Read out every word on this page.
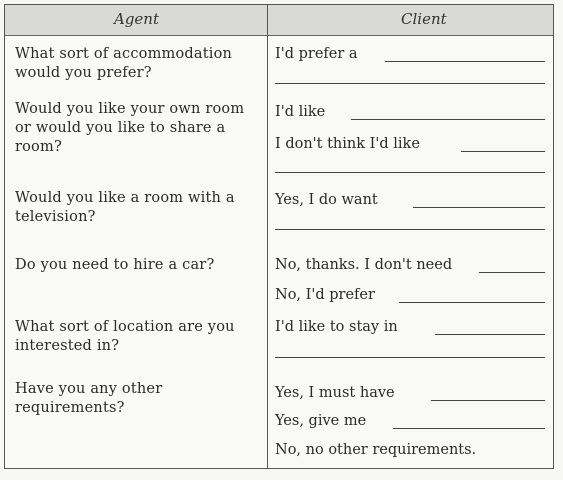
Agent	Client
What sort of accommodation would you prefer?
I'd prefer a
Would you like your own room or would you like to share a room?
I'd like
I don't think I'd like
Would you like a room with a television?
Yes, I do want
Do you need to hire a car?	No, thanks. I don't need
No, I'd prefer
What sort of location are you interested in?
I'd like to stay in
Have you any other requirements?
Yes, I must have
Yes, give me
No, no other requirements.
